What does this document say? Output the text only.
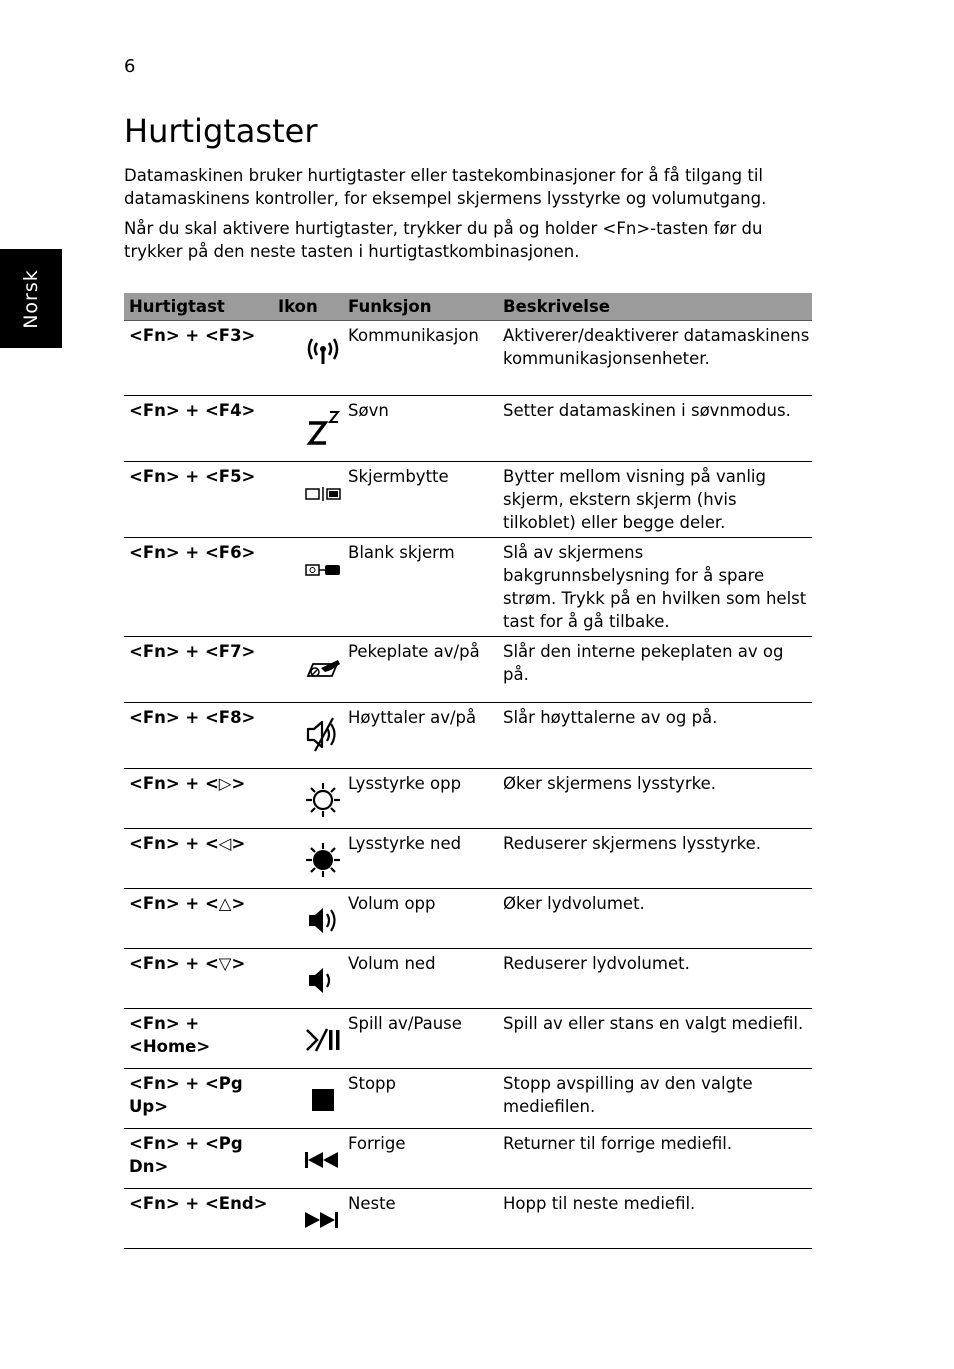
6
Norsk
Hurtigtaster

Datamaskinen bruker hurtigtaster eller tastekombinasjoner for å få tilgang til datamaskinens kontroller, for eksempel skjermens lysstyrke og volumutgang.

Når du skal aktivere hurtigtaster, trykker du på og holder <Fn>-tasten før du trykker på den neste tasten i hurtigtastkombinasjonen.

Hurtigtast	Ikon	Funksjon	Beskrivelse
<Fn> + <F3>		Kommunikasjon	Aktiverer/deaktiverer datamaskinens kommunikasjonsenheter.
<Fn> + <F4>		Søvn	Setter datamaskinen i søvnmodus.
<Fn> + <F5>		Skjermbytte	Bytter mellom visning på vanlig skjerm, ekstern skjerm (hvis tilkoblet) eller begge deler.
<Fn> + <F6>		Blank skjerm	Slå av skjermens bakgrunnsbelysning for å spare strøm. Trykk på en hvilken som helst tast for å gå tilbake.
<Fn> + <F7>		Pekeplate av/på	Slår den interne pekeplaten av og på.
<Fn> + <F8>		Høyttaler av/på	Slår høyttalerne av og på.
<Fn> + <▷>		Lysstyrke opp	Øker skjermens lysstyrke.
<Fn> + <◁>		Lysstyrke ned	Reduserer skjermens lysstyrke.
<Fn> + <△>		Volum opp	Øker lydvolumet.
<Fn> + <▽>		Volum ned	Reduserer lydvolumet.
<Fn> + <Home>		Spill av/Pause	Spill av eller stans en valgt mediefil.
<Fn> + <Pg Up>		Stopp	Stopp avspilling av den valgte mediefilen.
<Fn> + <Pg Dn>		Forrige	Returner til forrige mediefil.
<Fn> + <End>		Neste	Hopp til neste mediefil.
